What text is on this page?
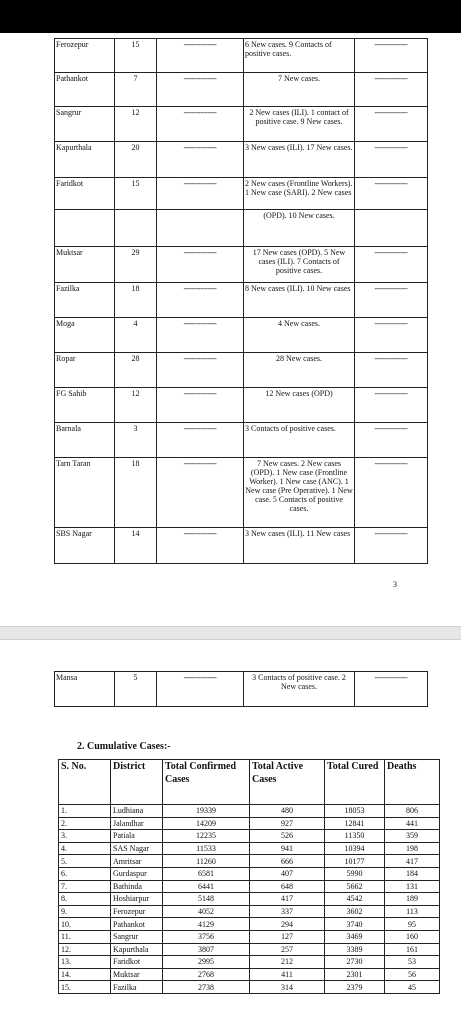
Ferozepur	15	--------------	6 New cases. 9 Contacts of positive cases.	--------------
Pathankot	7	--------------	7 New cases.	--------------
Sangrur	12	--------------	2 New cases (ILI). 1 contact of positive case. 9 New cases.	--------------
Kapurthala	20	--------------	3 New cases (ILI). 17 New cases.	--------------
Faridkot	15	--------------	2 New cases (Frontline Workers). 1 New case (SARI). 2 New cases	--------------
			(OPD). 10 New cases.	
Muktsar	29	--------------	17 New cases (OPD). 5 New cases (ILI). 7 Contacts of positive cases.	--------------
Fazilka	18	--------------	8 New cases (ILI). 10 New cases	--------------
Moga	4	--------------	4 New cases.	--------------
Ropar	28	--------------	28 New cases.	--------------
FG Sahib	12	--------------	12 New cases (OPD)	--------------
Barnala	3	--------------	3 Contacts of positive cases.	--------------
Tarn Taran	18	--------------	7 New cases. 2 New cases (OPD). 1 New case (Frontline Worker). 1 New case (ANC). 1 New case (Pre Operative). 1 New case. 5 Contacts of positive cases.	--------------
SBS Nagar	14	--------------	3 New cases (ILI). 11 New cases	--------------
3
Mansa	5	--------------	3 Contacts of positive case. 2 New cases.	--------------
2. Cumulative Cases:-
S. No.	District	Total Confirmed Cases	Total Active Cases	Total Cured	Deaths
1.	Ludhiana	19339	480	18053	806
2.	Jalandhar	14209	927	12841	441
3.	Patiala	12235	526	11350	359
4.	SAS Nagar	11533	941	10394	198
5.	Amritsar	11260	666	10177	417
6.	Gurdaspur	6581	407	5990	184
7.	Bathinda	6441	648	5662	131
8.	Hoshiarpur	5148	417	4542	189
9.	Ferozepur	4052	337	3602	113
10.	Pathankot	4129	294	3740	95
11.	Sangrur	3756	127	3469	160
12.	Kapurthala	3807	257	3389	161
13.	Faridkot	2995	212	2730	53
14.	Muktsar	2768	411	2301	56
15.	Fazilka	2738	314	2379	45
